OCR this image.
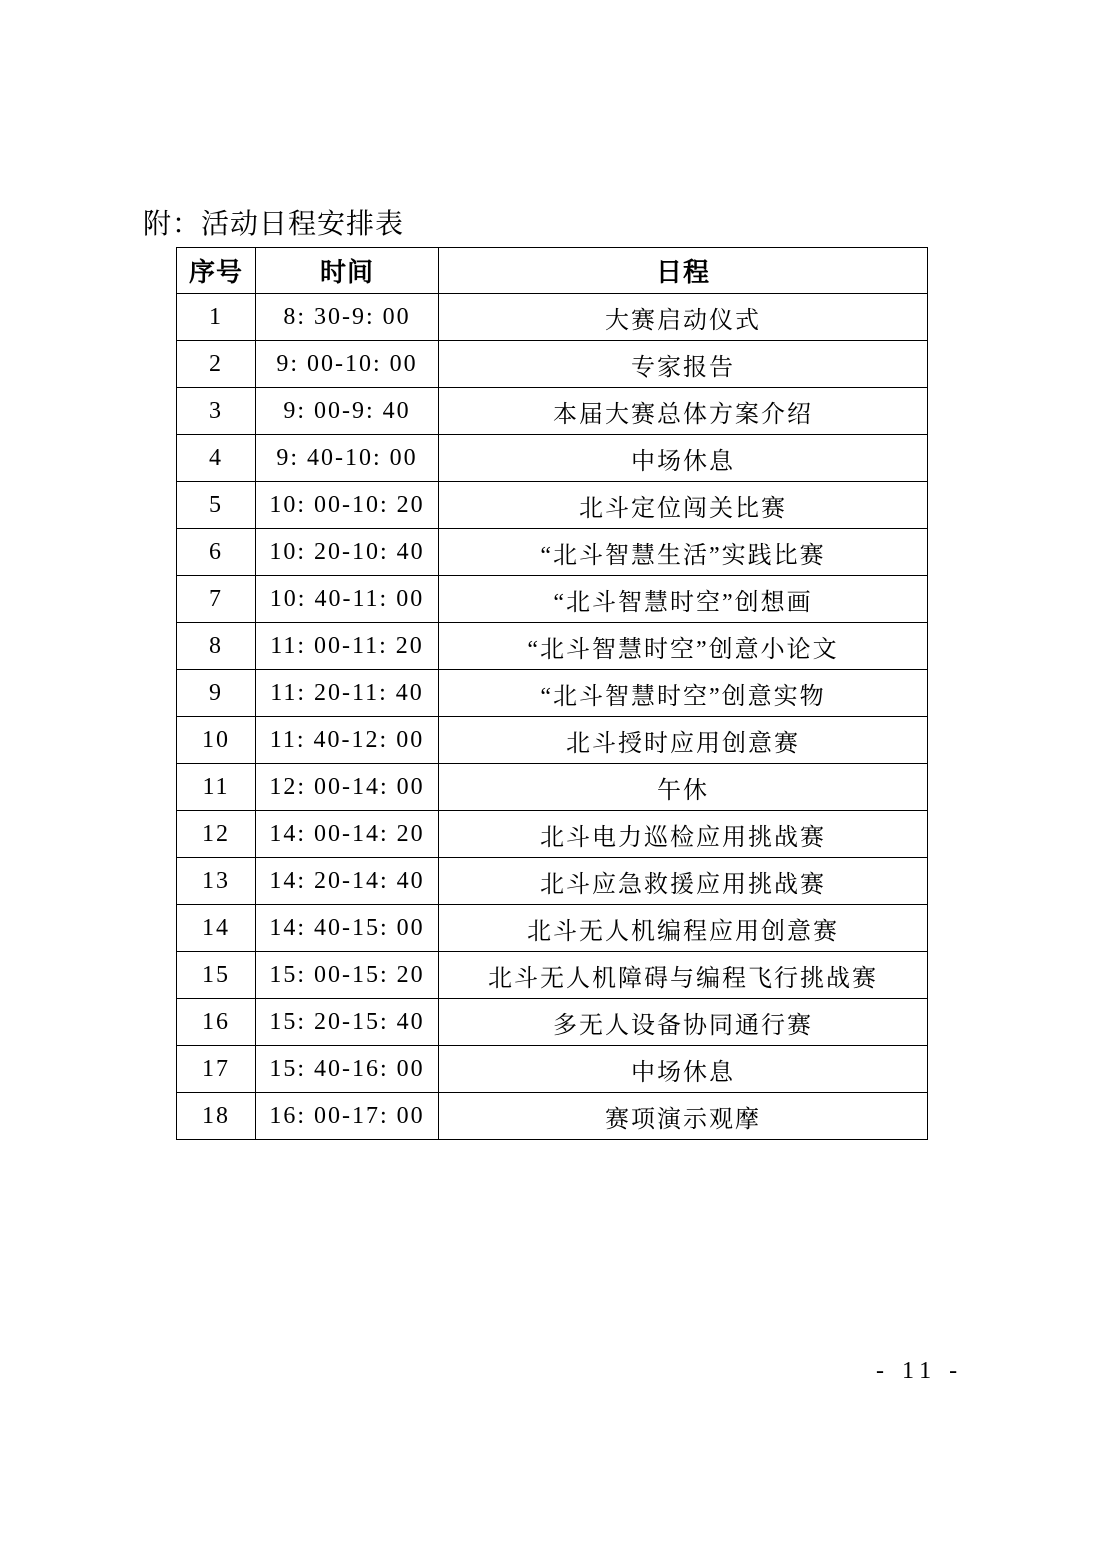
附：活动日程安排表
序号	时间	日程
1	8: 30-9: 00	大赛启动仪式
2	9: 00-10: 00	专家报告
3	9: 00-9: 40	本届大赛总体方案介绍
4	9: 40-10: 00	中场休息
5	10: 00-10: 20	北斗定位闯关比赛
6	10: 20-10: 40	“北斗智慧生活”实践比赛
7	10: 40-11: 00	“北斗智慧时空”创想画
8	11: 00-11: 20	“北斗智慧时空”创意小论文
9	11: 20-11: 40	“北斗智慧时空”创意实物
10	11: 40-12: 00	北斗授时应用创意赛
11	12: 00-14: 00	午休
12	14: 00-14: 20	北斗电力巡检应用挑战赛
13	14: 20-14: 40	北斗应急救援应用挑战赛
14	14: 40-15: 00	北斗无人机编程应用创意赛
15	15: 00-15: 20	北斗无人机障碍与编程飞行挑战赛
16	15: 20-15: 40	多无人设备协同通行赛
17	15: 40-16: 00	中场休息
18	16: 00-17: 00	赛项演示观摩
- 11 -
